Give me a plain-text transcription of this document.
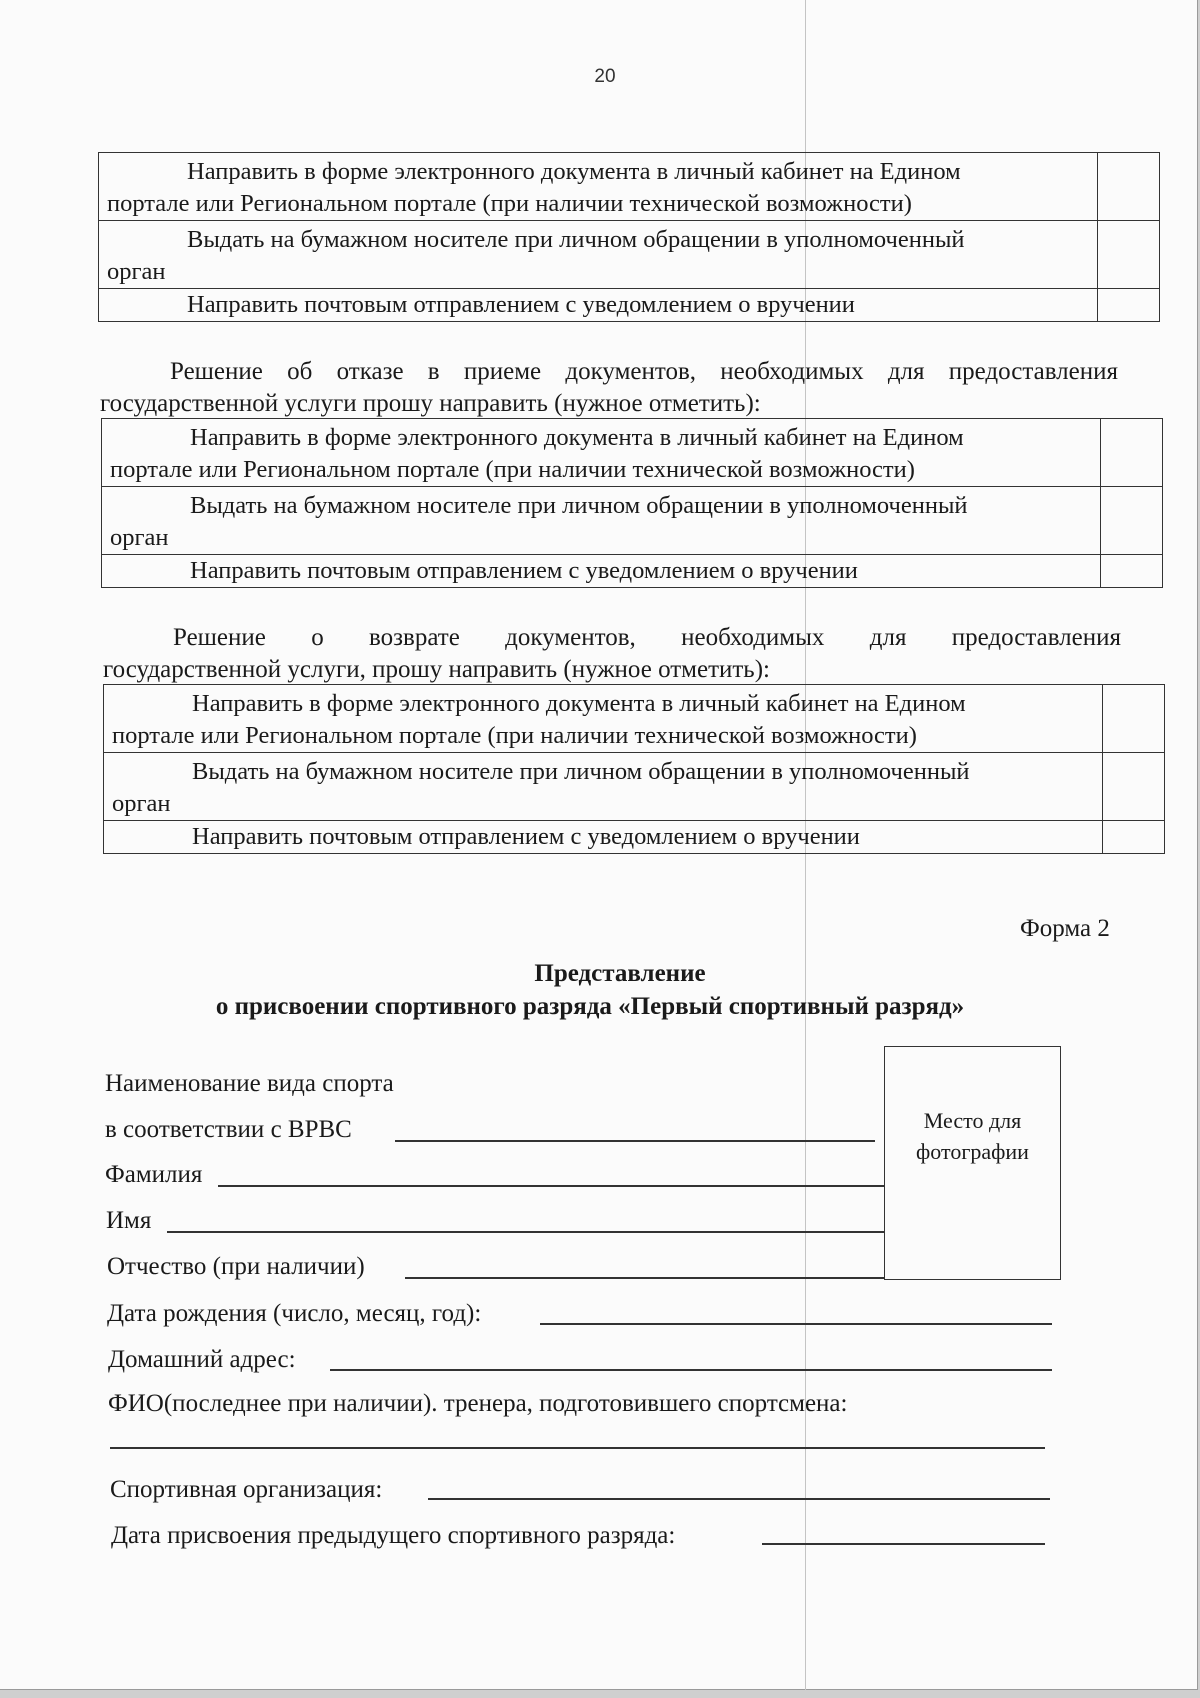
20
Направить в форме электронного документа в личный кабинет на Едином
портале или Региональном портале (при наличии технической возможности)	
Выдать на бумажном носителе при личном обращении в уполномоченный
орган	
Направить почтовым отправлением с уведомлением о вручении	
Решение об отказе в приеме документов, необходимых для предоставления
государственной услуги прошу направить (нужное отметить):
Направить в форме электронного документа в личный кабинет на Едином
портале или Региональном портале (при наличии технической возможности)	
Выдать на бумажном носителе при личном обращении в уполномоченный
орган	
Направить почтовым отправлением с уведомлением о вручении	
Решение о возврате документов, необходимых для предоставления
государственной услуги, прошу направить (нужное отметить):
Направить в форме электронного документа в личный кабинет на Едином
портале или Региональном портале (при наличии технической возможности)	
Выдать на бумажном носителе при личном обращении в уполномоченный
орган	
Направить почтовым отправлением с уведомлением о вручении	
Форма 2
Представление
о присвоении спортивного разряда «Первый спортивный разряд»
Место для
фотографии
Наименование вида спорта
в соответствии с ВРВС
Фамилия
Имя
Отчество (при наличии)
Дата рождения (число, месяц, год):
Домашний адрес:
ФИО(последнее при наличии). тренера, подготовившего спортсмена:
Спортивная организация:
Дата присвоения предыдущего спортивного разряда:
